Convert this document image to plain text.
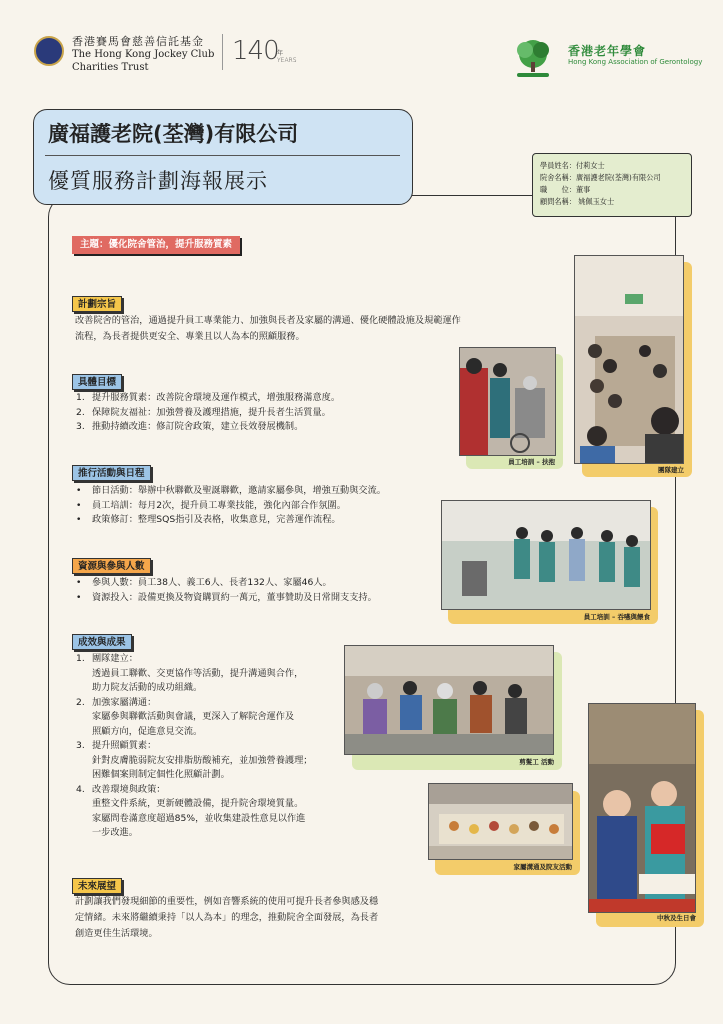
香港賽馬會慈善信託基金
The Hong Kong Jockey Club
Charities Trust
140
年YEARS
香港老年學會
Hong Kong Association of Gerontology
廣福護老院(荃灣)有限公司
優質服務計劃海報展示
學員姓名：付莉女士
院舍名稱：廣福護老院(荃灣)有限公司
職　　位：董事
顧問名稱： 姚佩玉女士
主題：優化院舍管治，提升服務質素
計劃宗旨
改善院舍的管治，通過提升員工專業能力、加強與長者及家屬的溝通、優化硬體設施及規範運作流程，為長者提供更安全、專業且以人為本的照顧服務。
具體目標
1. 提升服務質素：改善院舍環境及運作模式，增強服務滿意度。
2. 保障院友福祉：加強營養及護理措施，提升長者生活質量。
3. 推動持續改進：修訂院舍政策，建立長效發展機制。
推行活動與日程
•	節日活動：舉辦中秋聯歡及聖誕聯歡，邀請家屬參與，增強互動與交流。
•	員工培訓：每月2次，提升員工專業技能，強化內部合作氛圍。
•	政策修訂：整理SQS指引及表格，收集意見，完善運作流程。
資源與參與人數
•	參與人數：員工38人、義工6人、長者132人、家屬46人。
•	資源投入：設備更換及物資購買約一萬元，董事贊助及日常開支支持。
成效與成果
1. 團隊建立：
透過員工聯歡、交更協作等活動，提升溝通與合作，
助力院友活動的成功組織。
2. 加強家屬溝通：
家屬參與聯歡活動與會議，更深入了解院舍運作及
照顧方向，促進意見交流。
3. 提升照顧質素：
針對皮膚脆弱院友安排脂肪酸補充，並加強營養護理；
困難個案則制定個性化照顧計劃。
4. 改善環境與政策：
重整文件系統，更新硬體設備，提升院舍環境質量。
家屬問卷滿意度超過85%，並收集建設性意見以作進
一步改進。
未來展望
計劃讓我們發現細節的重要性，例如音響系統的使用可提升長者參與感及穩定情緒。未來將繼續秉持「以人為本」的理念，推動院舍全面發展，為長者創造更佳生活環境。
團隊建立
員工培訓 – 扶抱
員工培訓 – 吞嚥與餵食
剪髮工 活動
家屬溝通及院友活動
中秋及生日會
